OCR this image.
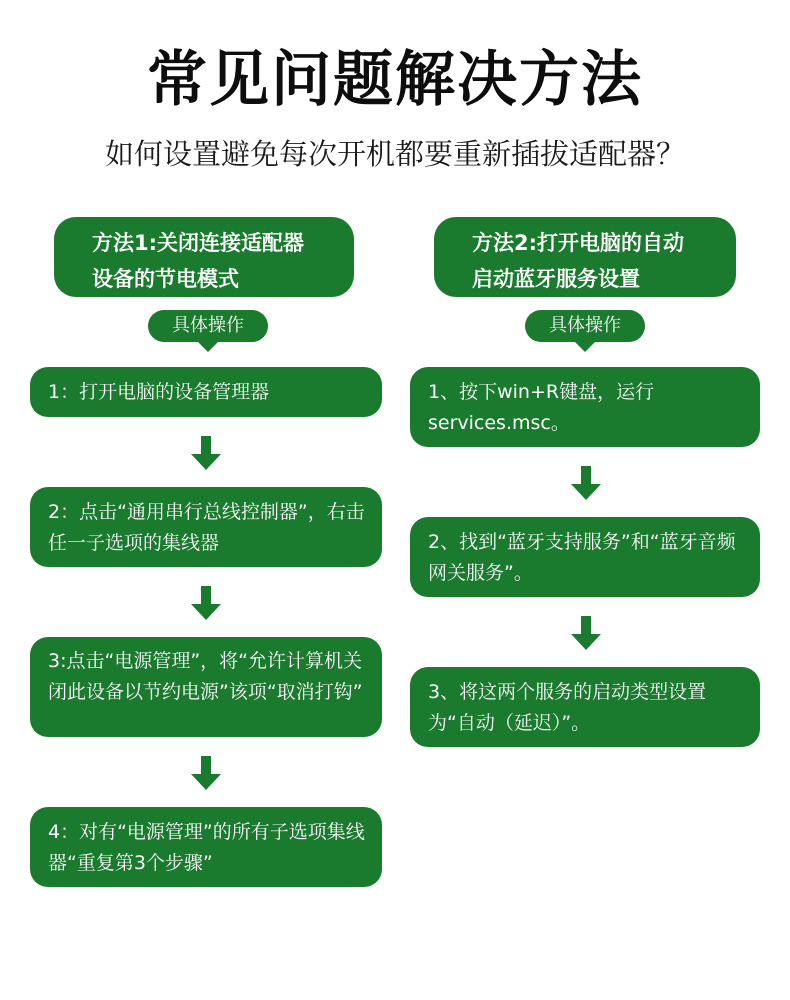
常见问题解决方法
如何设置避免每次开机都要重新插拔适配器？
方法1:关闭连接适配器
设备的节电模式
具体操作
1：打开电脑的设备管理器
2：点击“通用串行总线控制器”，右击任一子选项的集线器
3:点击“电源管理”，将“允许计算机关闭此设备以节约电源”该项“取消打钩”
4：对有“电源管理”的所有子选项集线器“重复第3个步骤”
方法2:打开电脑的自动
启动蓝牙服务设置
具体操作
1、按下win+R键盘，运行services.msc。
2、找到“蓝牙支持服务”和“蓝牙音频网关服务”。
3、将这两个服务的启动类型设置为“自动（延迟）”。
